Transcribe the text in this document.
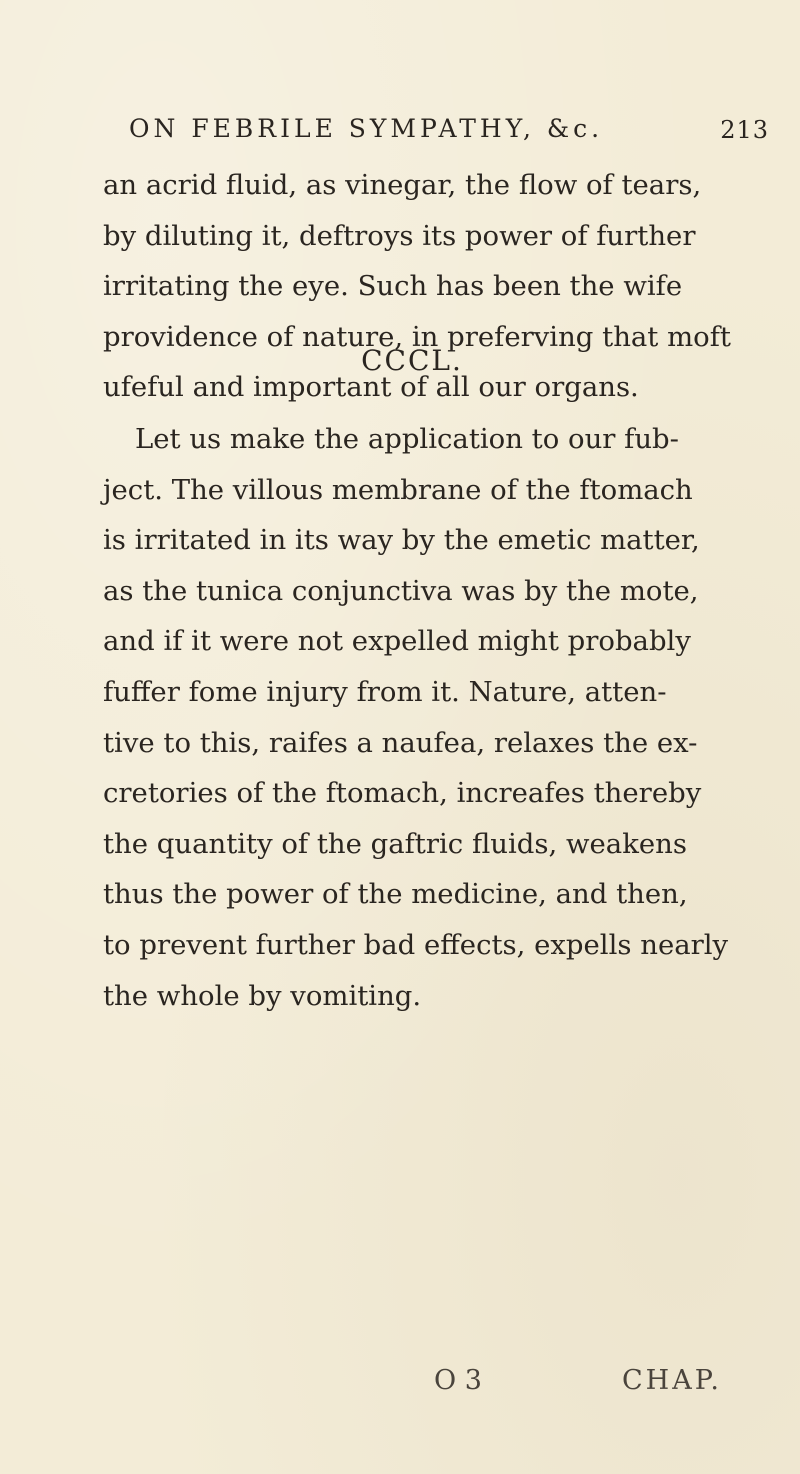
ON FEBRILE SYMPATHY, &c.	213
an acrid fluid, as vinegar, the flow of tears,
by diluting it, deftroys its power of further
irritating the eye. Such has been the wife
providence of nature, in preferving that moft
ufeful and important of all our organs.
CCCL.
Let us make the application to our fub-
ject. The villous membrane of the ftomach
is irritated in its way by the emetic matter,
as the tunica conjunctiva was by the mote,
and if it were not expelled might probably
fuffer fome injury from it. Nature, atten-
tive to this, raifes a naufea, relaxes the ex-
cretories of the ftomach, increafes thereby
the quantity of the gaftric fluids, weakens
thus the power of the medicine, and then,
to prevent further bad effects, expells nearly
the whole by vomiting.
O 3	CHAP.
